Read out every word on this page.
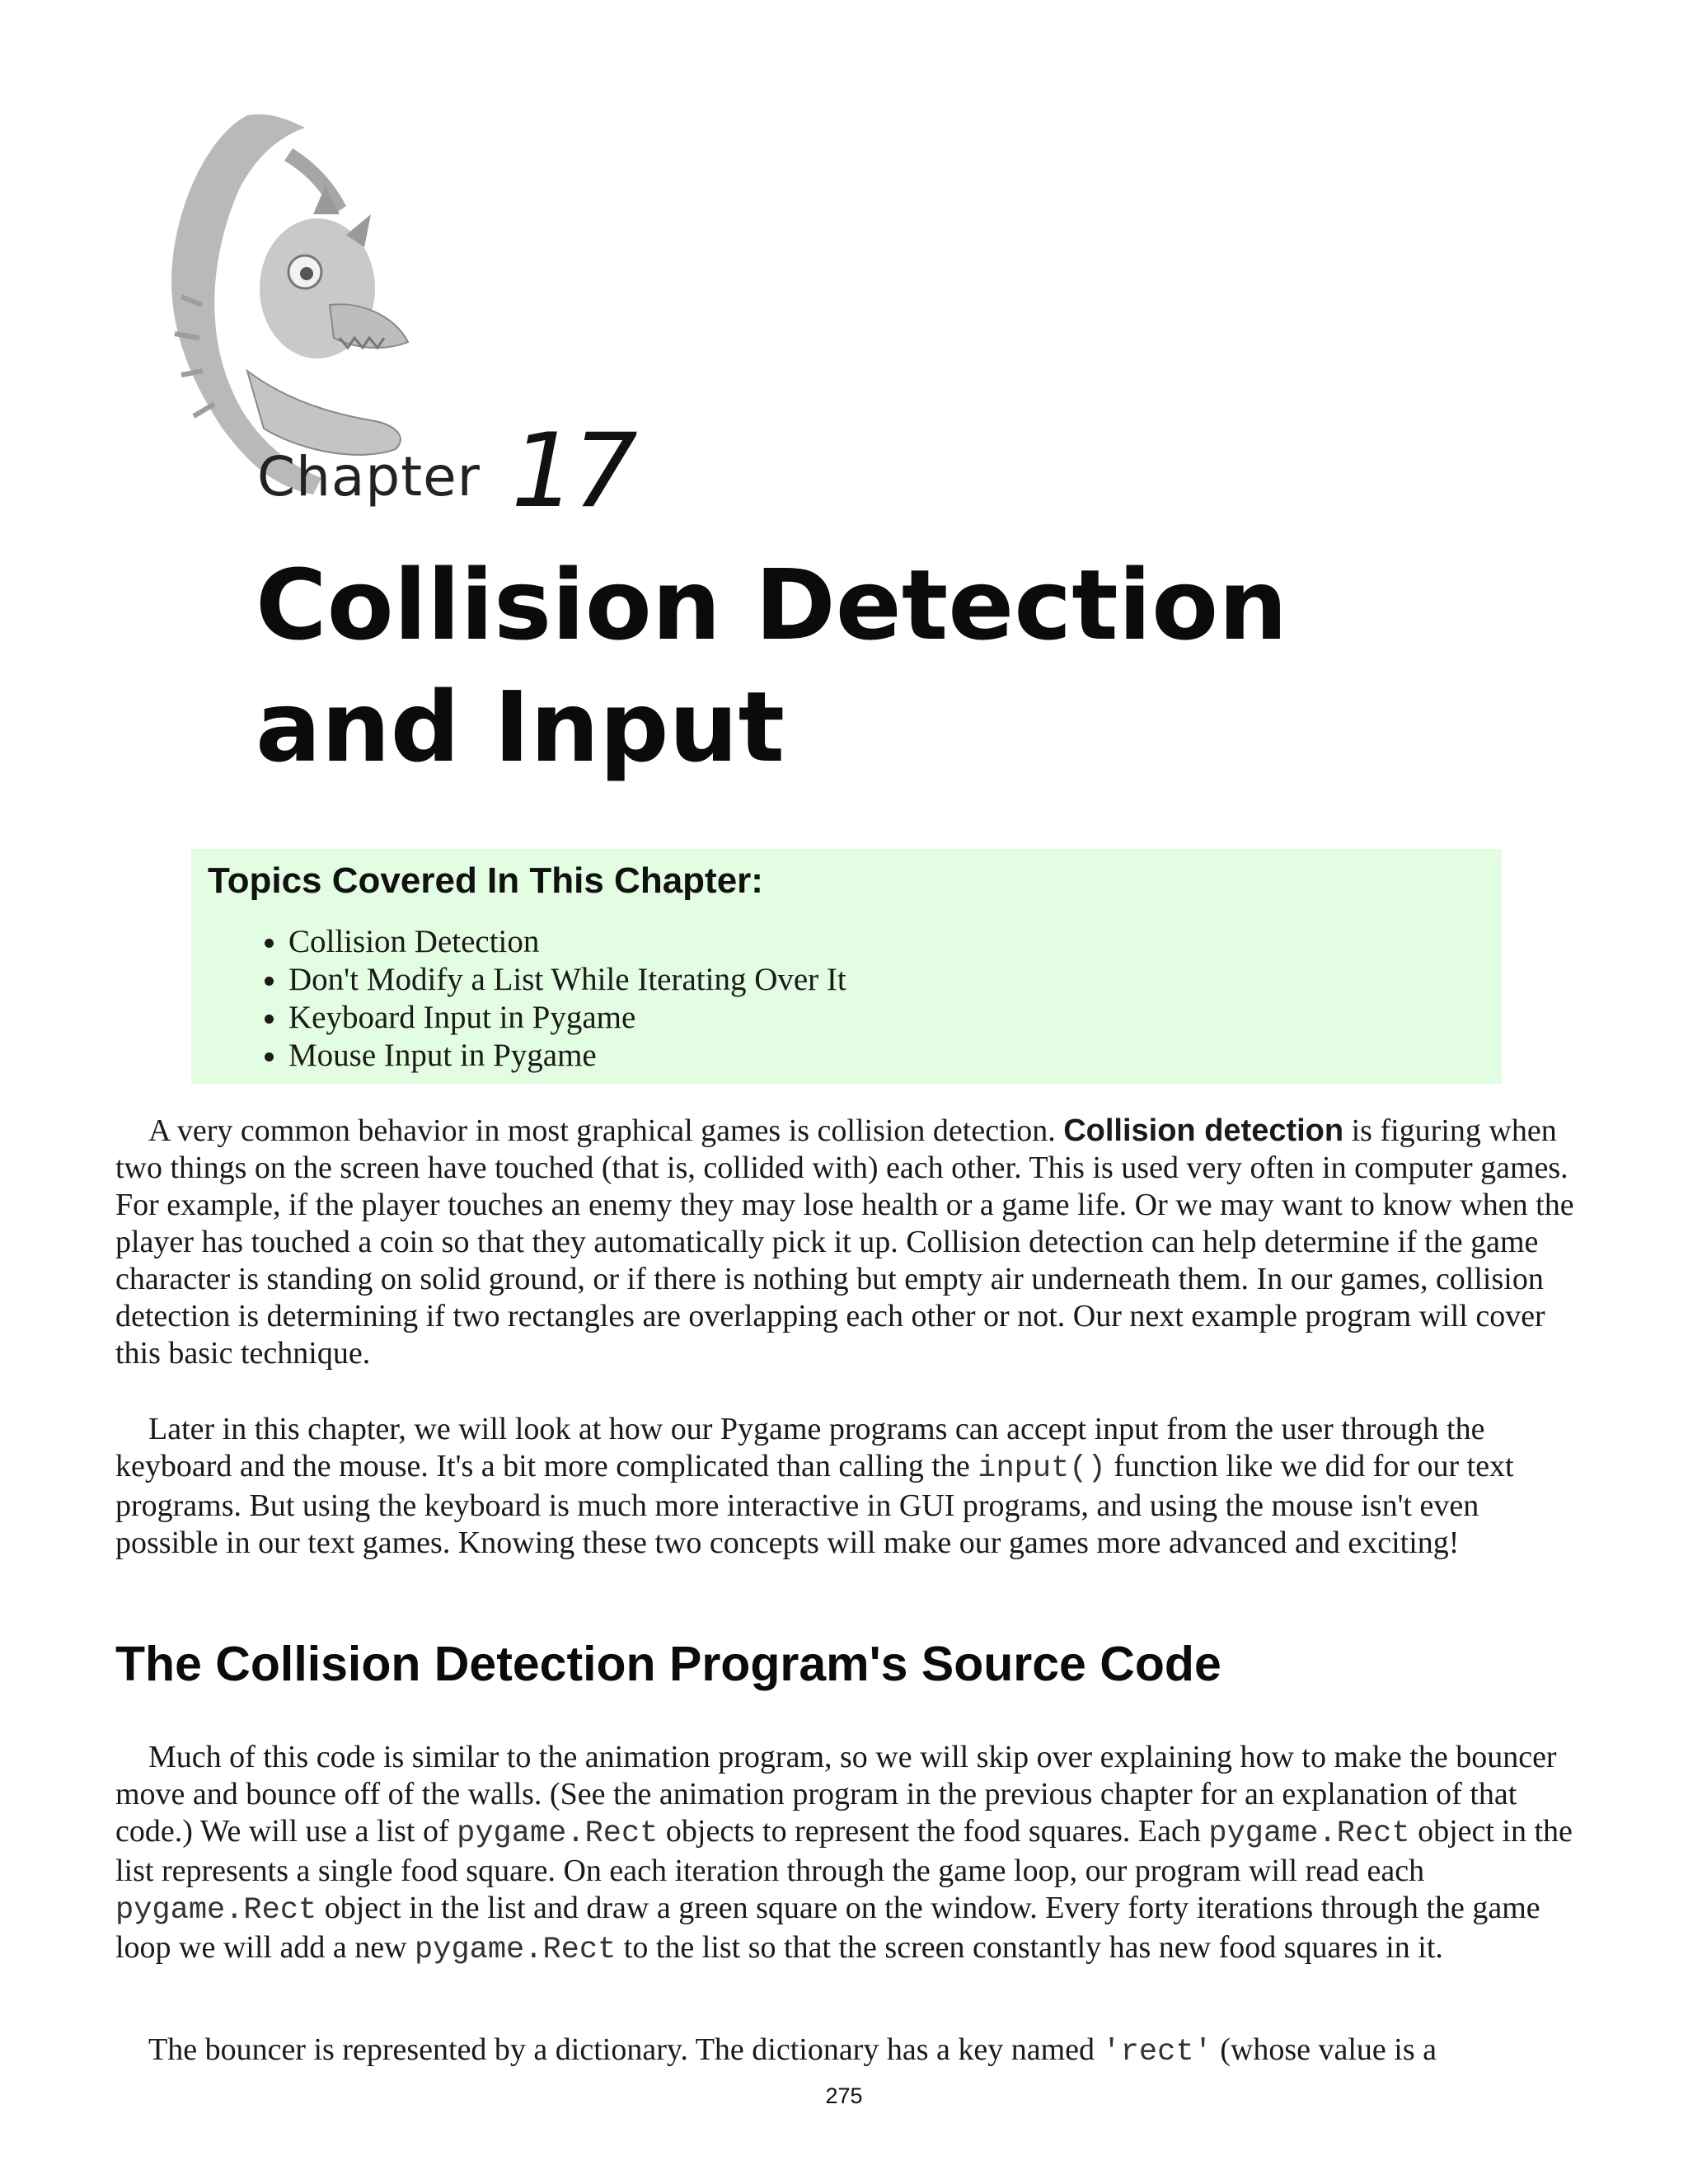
Chapter 17
Collision Detection
and Input
Topics Covered In This Chapter:
• Collision Detection
• Don't Modify a List While Iterating Over It
• Keyboard Input in Pygame
• Mouse Input in Pygame

A very common behavior in most graphical games is collision detection. Collision detection is figuring when two things on the screen have touched (that is, collided with) each other. This is used very often in computer games. For example, if the player touches an enemy they may lose health or a game life. Or we may want to know when the player has touched a coin so that they automatically pick it up. Collision detection can help determine if the game character is standing on solid ground, or if there is nothing but empty air underneath them. In our games, collision detection is determining if two rectangles are overlapping each other or not. Our next example program will cover this basic technique.

Later in this chapter, we will look at how our Pygame programs can accept input from the user through the keyboard and the mouse. It's a bit more complicated than calling the input() function like we did for our text programs. But using the keyboard is much more interactive in GUI programs, and using the mouse isn't even possible in our text games. Knowing these two concepts will make our games more advanced and exciting!

The Collision Detection Program's Source Code

Much of this code is similar to the animation program, so we will skip over explaining how to make the bouncer move and bounce off of the walls. (See the animation program in the previous chapter for an explanation of that code.) We will use a list of pygame.Rect objects to represent the food squares. Each pygame.Rect object in the list represents a single food square. On each iteration through the game loop, our program will read each pygame.Rect object in the list and draw a green square on the window. Every forty iterations through the game loop we will add a new pygame.Rect to the list so that the screen constantly has new food squares in it.

The bouncer is represented by a dictionary. The dictionary has a key named 'rect' (whose value is a

275
